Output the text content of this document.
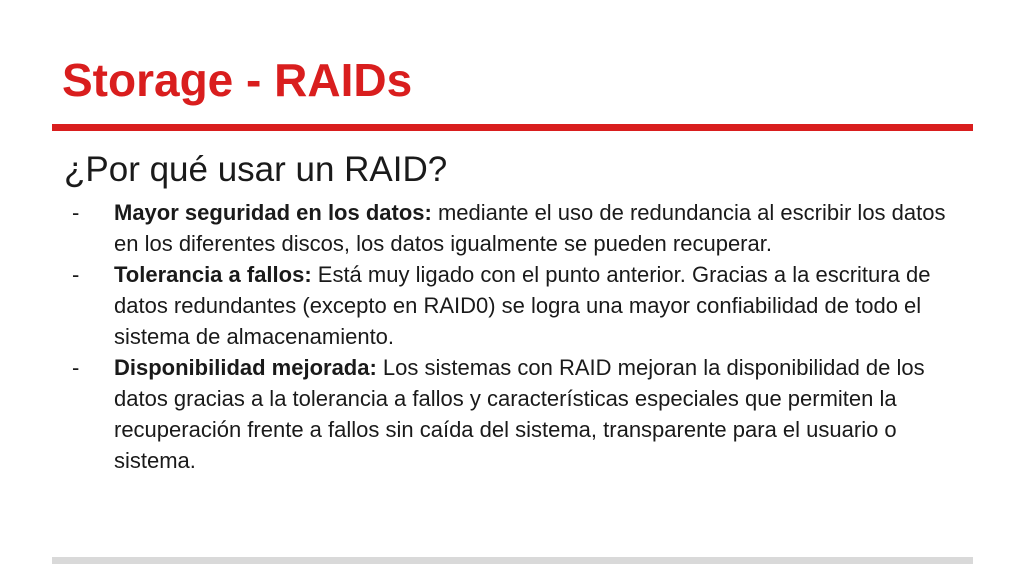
Storage - RAIDs
¿Por qué usar un RAID?
-	Mayor seguridad en los datos: mediante el uso de redundancia al escribir los datos en los diferentes discos, los datos igualmente se pueden recuperar.
-	Tolerancia a fallos: Está muy ligado con el punto anterior. Gracias a la escritura de datos redundantes (excepto en RAID0) se logra una mayor confiabilidad de todo el sistema de almacenamiento.
-	Disponibilidad mejorada: Los sistemas con RAID mejoran la disponibilidad de los datos gracias a la tolerancia a fallos y características especiales que permiten la recuperación frente a fallos sin caída del sistema, transparente para el usuario o sistema.
